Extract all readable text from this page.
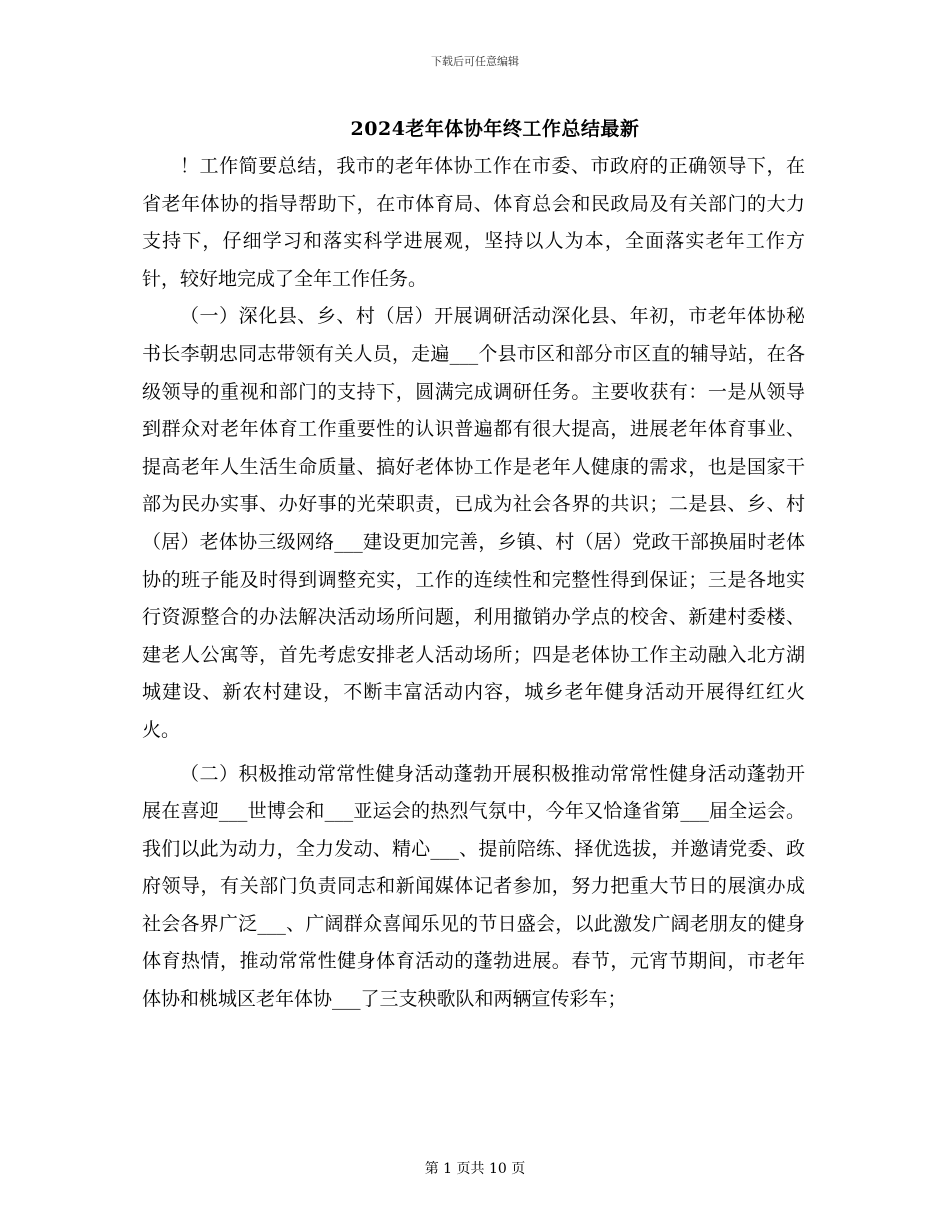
下载后可任意编辑
2024老年体协年终工作总结最新

！工作简要总结，我市的老年体协工作在市委、市政府的正确领导下，在省老年体协的指导帮助下，在市体育局、体育总会和民政局及有关部门的大力支持下，仔细学习和落实科学进展观，坚持以人为本，全面落实老年工作方针，较好地完成了全年工作任务。

（一）深化县、乡、村（居）开展调研活动深化县、年初，市老年体协秘书长李朝忠同志带领有关人员，走遍___个县市区和部分市区直的辅导站，在各级领导的重视和部门的支持下，圆满完成调研任务。主要收获有：一是从领导到群众对老年体育工作重要性的认识普遍都有很大提高，进展老年体育事业、提高老年人生活生命质量、搞好老体协工作是老年人健康的需求，也是国家干部为民办实事、办好事的光荣职责，已成为社会各界的共识；二是县、乡、村（居）老体协三级网络___建设更加完善，乡镇、村（居）党政干部换届时老体协的班子能及时得到调整充实，工作的连续性和完整性得到保证；三是各地实行资源整合的办法解决活动场所问题，利用撤销办学点的校舍、新建村委楼、建老人公寓等，首先考虑安排老人活动场所；四是老体协工作主动融入北方湖城建设、新农村建设，不断丰富活动内容，城乡老年健身活动开展得红红火火。

（二）积极推动常常性健身活动蓬勃开展积极推动常常性健身活动蓬勃开展在喜迎___世博会和___亚运会的热烈气氛中，今年又恰逢省第___届全运会。我们以此为动力，全力发动、精心___、提前陪练、择优选拔，并邀请党委、政府领导，有关部门负责同志和新闻媒体记者参加，努力把重大节日的展演办成社会各界广泛___、广阔群众喜闻乐见的节日盛会，以此激发广阔老朋友的健身体育热情，推动常常性健身体育活动的蓬勃进展。春节，元宵节期间，市老年体协和桃城区老年体协___了三支秧歌队和两辆宣传彩车；

第 1 页共 10 页
